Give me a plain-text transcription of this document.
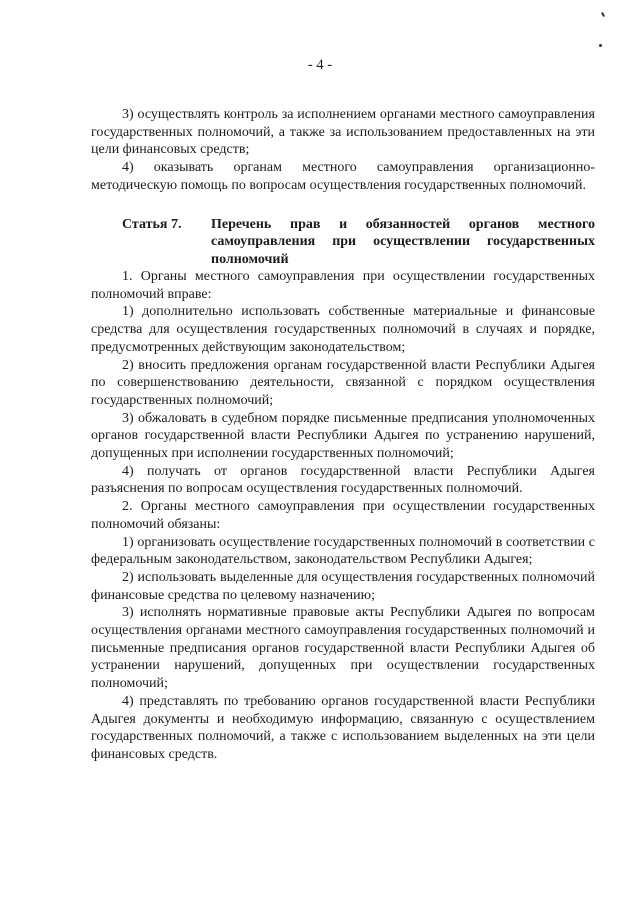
- 4 -

3) осуществлять контроль за исполнением органами местного самоуправления государственных полномочий, а также за использованием предоставленных на эти цели финансовых средств;

4) оказывать органам местного самоуправления организационно-методическую помощь по вопросам осуществления государственных полномочий.

Статья 7.	Перечень прав и обязанностей органов местного самоуправления при осуществлении государственных полномочий

1. Органы местного самоуправления при осуществлении государственных полномочий вправе:

1) дополнительно использовать собственные материальные и финансовые средства для осуществления государственных полномочий в случаях и порядке, предусмотренных действующим законодательством;

2) вносить предложения органам государственной власти Республики Адыгея по совершенствованию деятельности, связанной с порядком осуществления государственных полномочий;

3) обжаловать в судебном порядке письменные предписания уполномоченных органов государственной власти Республики Адыгея по устранению нарушений, допущенных при исполнении государственных полномочий;

4) получать от органов государственной власти Республики Адыгея разъяснения по вопросам осуществления государственных полномочий.

2. Органы местного самоуправления при осуществлении государственных полномочий обязаны:

1) организовать осуществление государственных полномочий в соответствии с федеральным законодательством, законодательством Республики Адыгея;

2) использовать выделенные для осуществления государственных полномочий финансовые средства по целевому назначению;

3) исполнять нормативные правовые акты Республики Адыгея по вопросам осуществления органами местного самоуправления государственных полномочий и письменные предписания органов государственной власти Республики Адыгея об устранении нарушений, допущенных при осуществлении государственных полномочий;

4) представлять по требованию органов государственной власти Республики Адыгея документы и необходимую информацию, связанную с осуществлением государственных полномочий, а также с использованием выделенных на эти цели финансовых средств.
